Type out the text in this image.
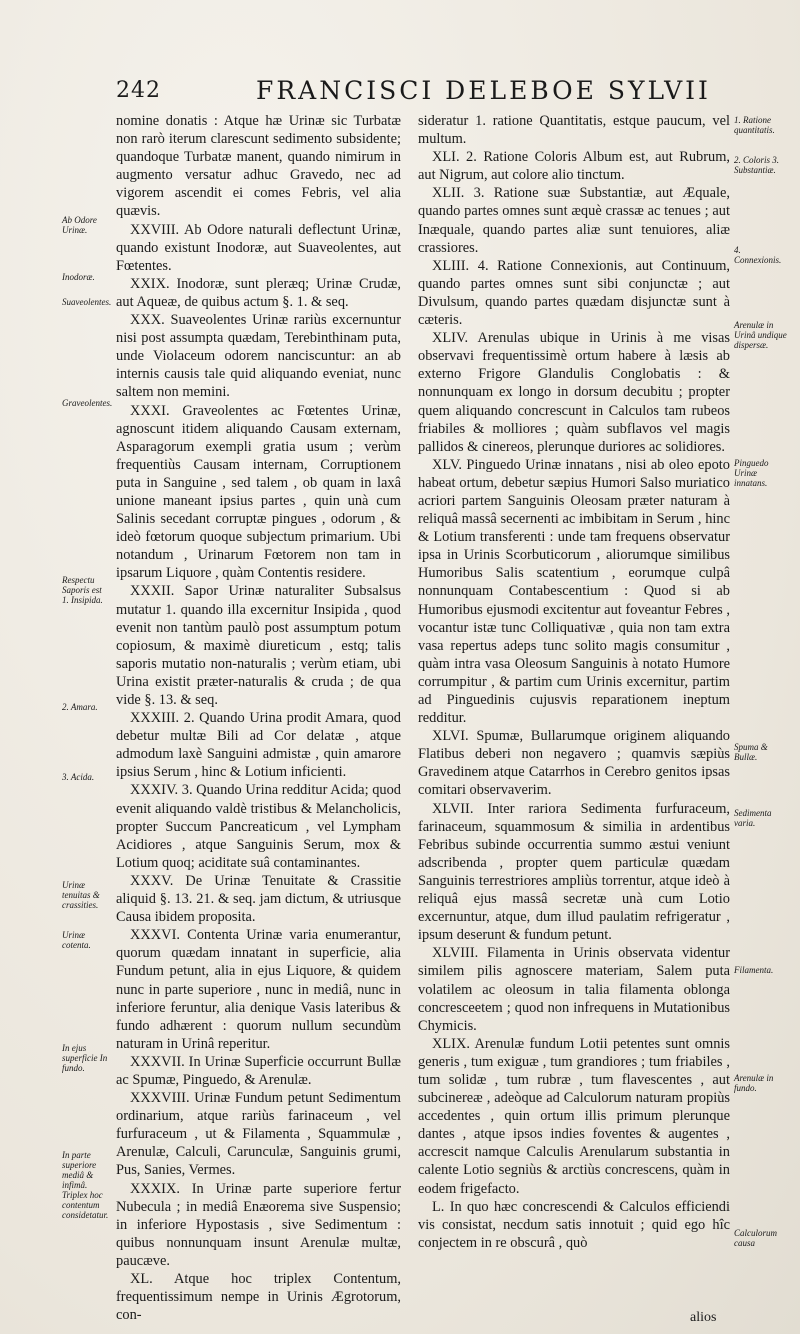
242	FRANCISCI DELEBOE SYLVII

nomine donatis : Atque hæ Urinæ sic Turbatæ non rarò iterum clarescunt sedimento subsidente; quandoque Turbatæ manent, quando nimirum in augmento versatur adhuc Gravedo, nec ad vigorem ascendit ei comes Febris, vel alia quævis.

XXVIII. Ab Odore naturali deflectunt Urinæ, quando existunt Inodoræ, aut Suaveolentes, aut Fœtentes.

XXIX. Inodoræ, sunt pleræq; Urinæ Crudæ, aut Aqueæ, de quibus actum §. 1. & seq.

XXX. Suaveolentes Urinæ rariùs excernuntur nisi post assumpta quædam, Terebinthinam puta, unde Violaceum odorem nanciscuntur: an ab internis causis tale quid aliquando eveniat, nunc saltem non memini.

XXXI. Graveolentes ac Fœtentes Urinæ, agnoscunt itidem aliquando Causam externam, Asparagorum exempli gratia usum ; verùm frequentiùs Causam internam, Corruptionem puta in Sanguine , sed talem , ob quam in laxâ unione maneant ipsius partes , quin unà cum Salinis secedant corruptæ pingues , odorum , & ideò fœtorum quoque subjectum primarium. Ubi notandum , Urinarum Fœtorem non tam in ipsarum Liquore , quàm Contentis residere.

XXXII. Sapor Urinæ naturaliter Subsalsus mutatur 1. quando illa excernitur Insipida , quod evenit non tantùm paulò post assumptum potum copiosum, & maximè diureticum , estq; talis saporis mutatio non-naturalis ; verùm etiam, ubi Urina existit præter-naturalis & cruda ; de qua vide §. 13. & seq.

XXXIII. 2. Quando Urina prodit Amara, quod debetur multæ Bili ad Cor delatæ , atque admodum laxè Sanguini admistæ , quin amarore ipsius Serum , hinc & Lotium inficienti.

XXXIV. 3. Quando Urina redditur Acida; quod evenit aliquando valdè tristibus & Melancholicis, propter Succum Pancreaticum , vel Lympham Acidiores , atque Sanguinis Serum, mox & Lotium quoq; aciditate suâ contaminantes.

XXXV. De Urinæ Tenuitate & Crassitie aliquid §. 13. 21. & seq. jam dictum, & utriusque Causa ibidem proposita.

XXXVI. Contenta Urinæ varia enumerantur, quorum quædam innatant in superficie, alia Fundum petunt, alia in ejus Liquore, & quidem nunc in parte superiore , nunc in mediâ, nunc in inferiore feruntur, alia denique Vasis lateribus & fundo adhærent : quorum nullum secundùm naturam in Urinâ reperitur.

XXXVII. In Urinæ Superficie occurrunt Bullæ ac Spumæ, Pinguedo, & Arenulæ.

XXXVIII. Urinæ Fundum petunt Sedimentum ordinarium, atque rariùs farinaceum , vel furfuraceum , ut & Filamenta , Squammulæ , Arenulæ, Calculi, Carunculæ, Sanguinis grumi, Pus, Sanies, Vermes.

XXXIX. In Urinæ parte superiore fertur Nubecula ; in mediâ Enæorema sive Suspensio; in inferiore Hypostasis , sive Sedimentum : quibus nonnunquam insunt Arenulæ multæ, paucæve.

XL. Atque hoc triplex Contentum, frequentissimum nempe in Urinis Ægrotorum, con-

sideratur 1. ratione Quantitatis, estque paucum, vel multum.

XLI. 2. Ratione Coloris Album est, aut Rubrum, aut Nigrum, aut colore alio tinctum.

XLII. 3. Ratione suæ Substantiæ, aut Æquale, quando partes omnes sunt æquè crassæ ac tenues ; aut Inæquale, quando partes aliæ sunt tenuiores, aliæ crassiores.

XLIII. 4. Ratione Connexionis, aut Continuum, quando partes omnes sunt sibi conjunctæ ; aut Divulsum, quando partes quædam disjunctæ sunt à cæteris.

XLIV. Arenulas ubique in Urinis à me visas observavi frequentissimè ortum habere à læsis ab externo Frigore Glandulis Conglobatis : & nonnunquam ex longo in dorsum decubitu ; propter quem aliquando concrescunt in Calculos tam rubeos friabiles & molliores ; quàm subflavos vel magis pallidos & cinereos, plerunque duriores ac solidiores.

XLV. Pinguedo Urinæ innatans , nisi ab oleo epoto habeat ortum, debetur sæpius Humori Salso muriatico acriori partem Sanguinis Oleosam præter naturam à reliquâ massâ secernenti ac imbibitam in Serum , hinc & Lotium transferenti : unde tam frequens observatur ipsa in Urinis Scorbuticorum , aliorumque similibus Humoribus Salis scatentium , eorumque culpâ nonnunquam Contabescentium : Quod si ab Humoribus ejusmodi excitentur aut foveantur Febres , vocantur istæ tunc Colliquativæ , quia non tam extra vasa repertus adeps tunc solito magis consumitur , quàm intra vasa Oleosum Sanguinis à notato Humore corrumpitur , & partim cum Urinis excernitur, partim ad Pinguedinis cujusvis reparationem ineptum redditur.

XLVI. Spumæ, Bullarumque originem aliquando Flatibus deberi non negavero ; quamvis sæpiùs Gravedinem atque Catarrhos in Cerebro genitos ipsas comitari observaverim.

XLVII. Inter rariora Sedimenta furfuraceum, farinaceum, squammosum & similia in ardentibus Febribus subinde occurrentia summo æstui veniunt adscribenda , propter quem particulæ quædam Sanguinis terrestriores ampliùs torrentur, atque ideò à reliquâ ejus massâ secretæ unà cum Lotio excernuntur, atque, dum illud paulatim refrigeratur , ipsum deserunt & fundum petunt.

XLVIII. Filamenta in Urinis observata videntur similem pilis agnoscere materiam, Salem puta volatilem ac oleosum in talia filamenta oblonga concresceetem ; quod non infrequens in Mutationibus Chymicis.

XLIX. Arenulæ fundum Lotii petentes sunt omnis generis , tum exiguæ , tum grandiores ; tum friabiles , tum solidæ , tum rubræ , tum flavescentes , aut subcinereæ , adeòque ad Calculorum naturam propiùs accedentes , quin ortum illis primum plerunque dantes , atque ipsos indies foventes & augentes , accrescit namque Calculis Arenularum substantia in calente Lotio segniùs & arctiùs concrescens, quàm in eodem frigefacto.

L. In quo hæc concrescendi & Calculos efficiendi vis consistat, necdum satis innotuit ; quid ego hîc conjectem in re obscurâ , quò

Ab Odore Urinæ.
Inodoræ.
Suaveolentes.
Graveolentes.
Respectu Saporis est 1. Insipida.
2. Amara.
3. Acida.
Urinæ tenuitas & crassities.
Urinæ cotenta.
In ejus superficie In fundo.
In parte superiore mediâ & infimâ. Triplex hoc contentum considetatur.
1. Ratione quantitatis.
2. Coloris 3. Substantiæ.
4. Connexionis.
Arenulæ in Urinâ undique dispersæ.
Pinguedo Urinæ innatans.
Spuma & Bullæ.
Sedimenta varia.
Filamenta.
Arenulæ in fundo.
Calculorum causa
alios
